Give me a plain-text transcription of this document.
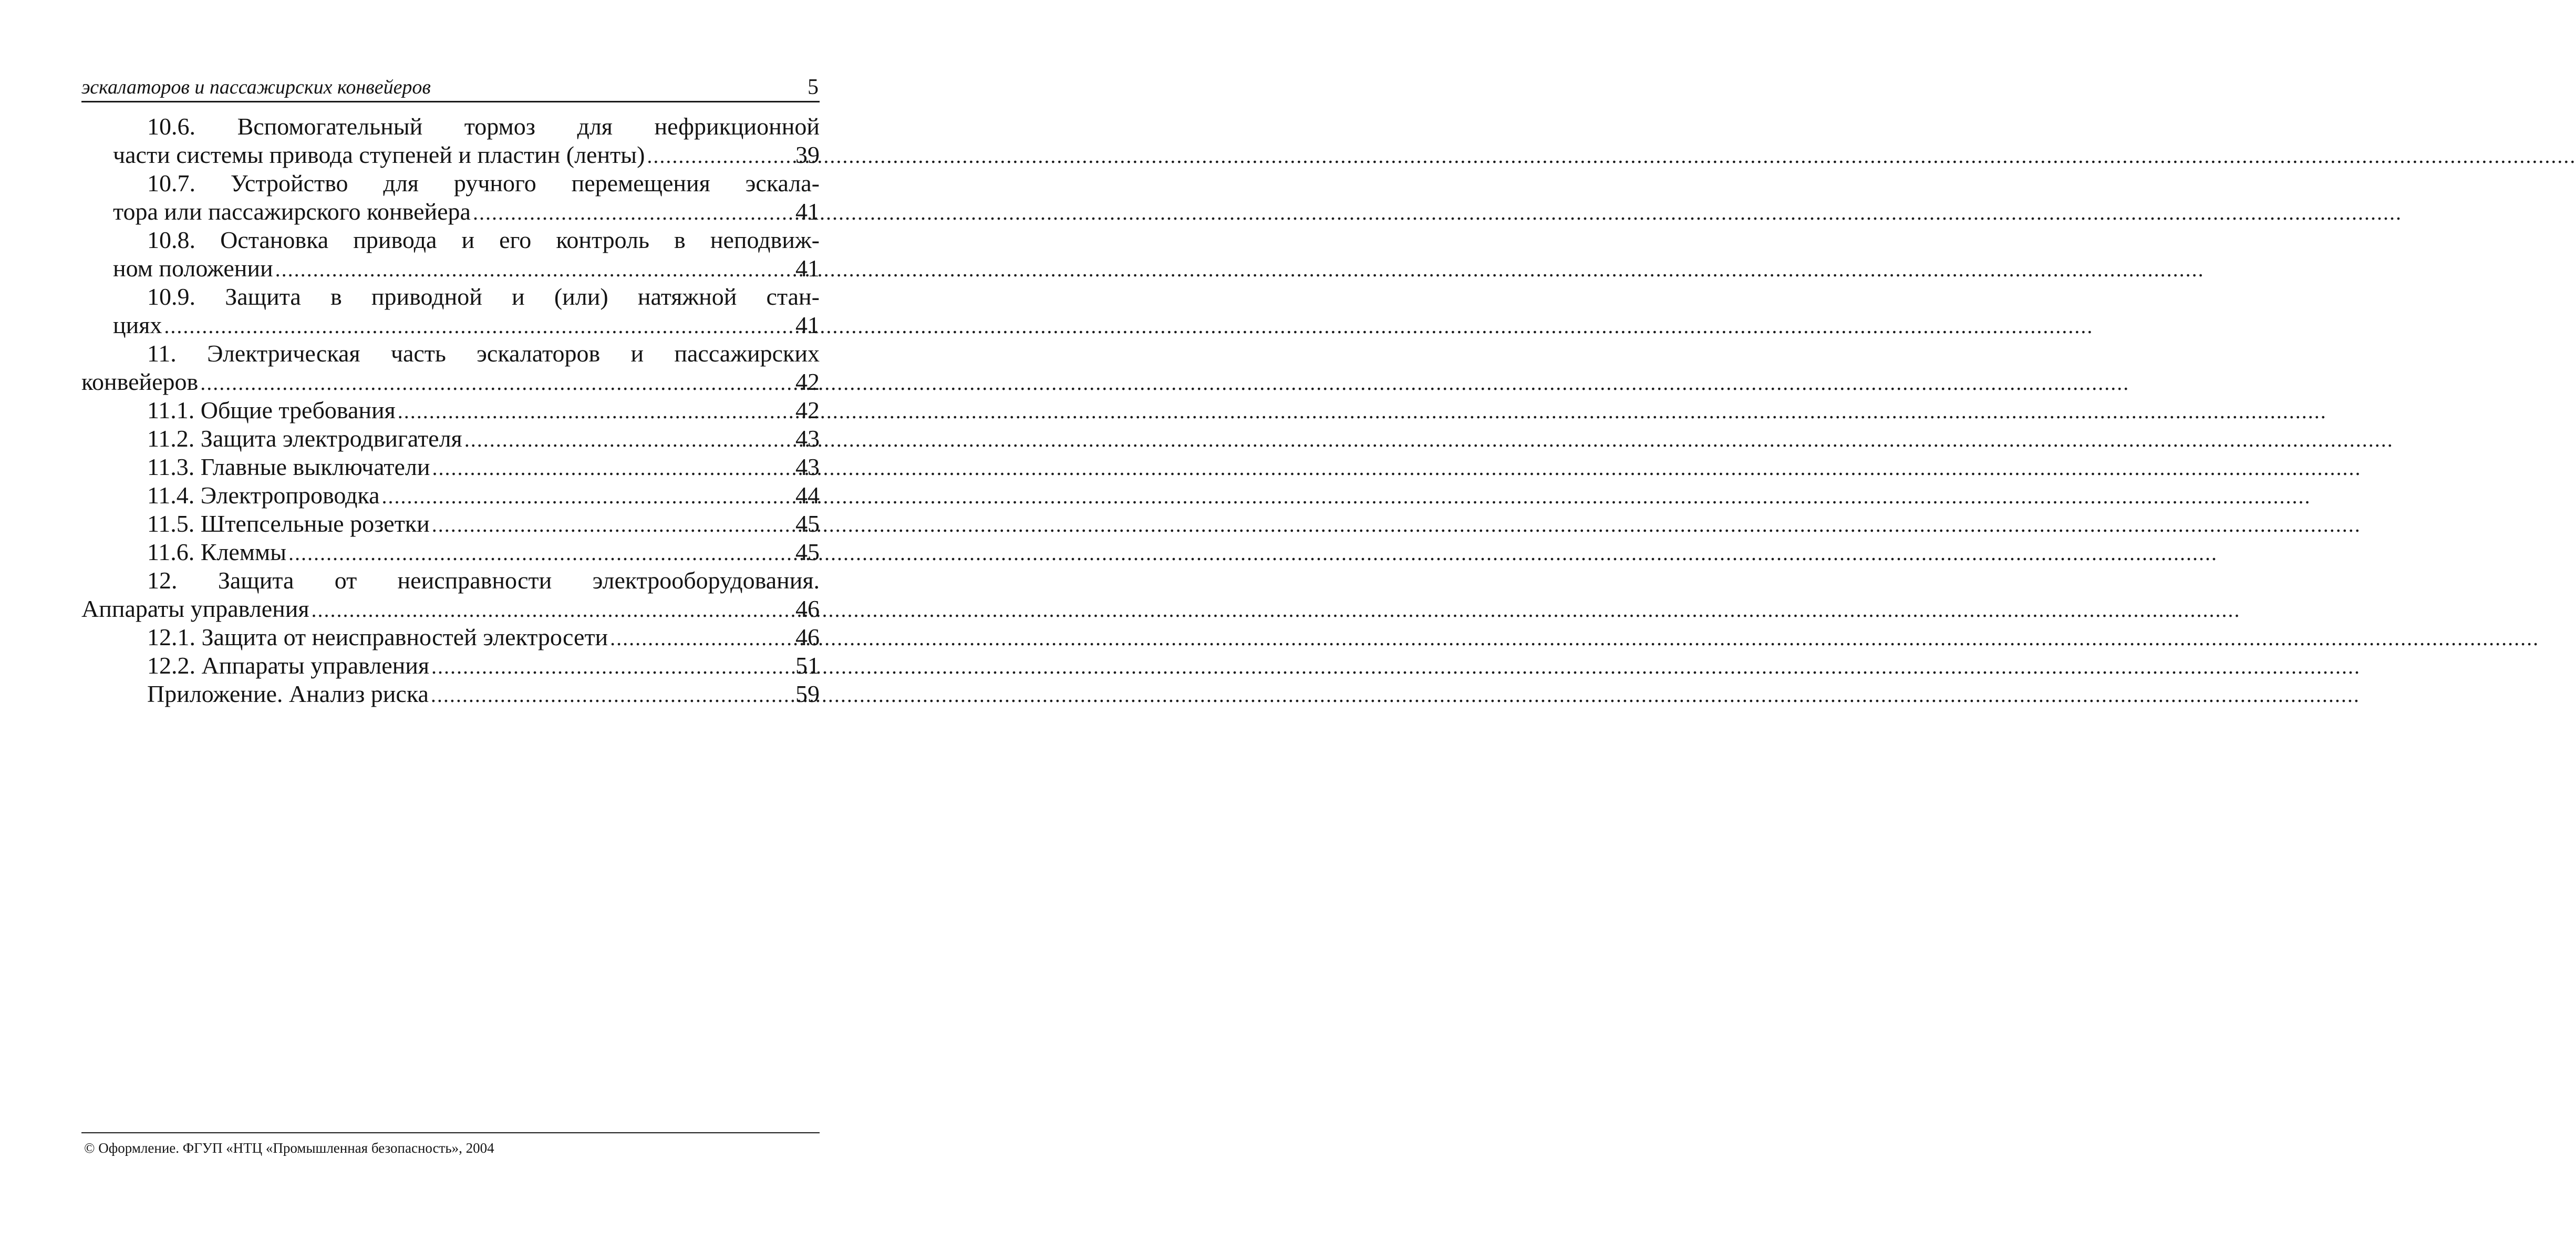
эскалаторов и пассажирских конвейеров	5
10.6. Вспомогательный тормоз для нефрикционной
части системы привода ступеней и пластин (ленты) .....	39
10.7. Устройство для ручного перемещения эскала-
тора или пассажирского конвейера .....	41
10.8. Остановка привода и его контроль в неподвиж-
ном положении .....	41
10.9. Защита в приводной и (или) натяжной стан-
циях .....	41
11. Электрическая часть эскалаторов и пассажирских
конвейеров .....	42
11.1. Общие требования .....	42
11.2. Защита электродвигателя .....	43
11.3. Главные выключатели .....	43
11.4. Электропроводка .....	44
11.5. Штепсельные розетки .....	45
11.6. Клеммы .....	45
12. Защита от неисправности электрооборудования.
Аппараты управления .....	46
12.1. Защита от неисправностей электросети .....	46
12.2. Аппараты управления .....	51
Приложение. Анализ риска .....	59
© Оформление. ФГУП «НТЦ «Промышленная безопасность», 2004
